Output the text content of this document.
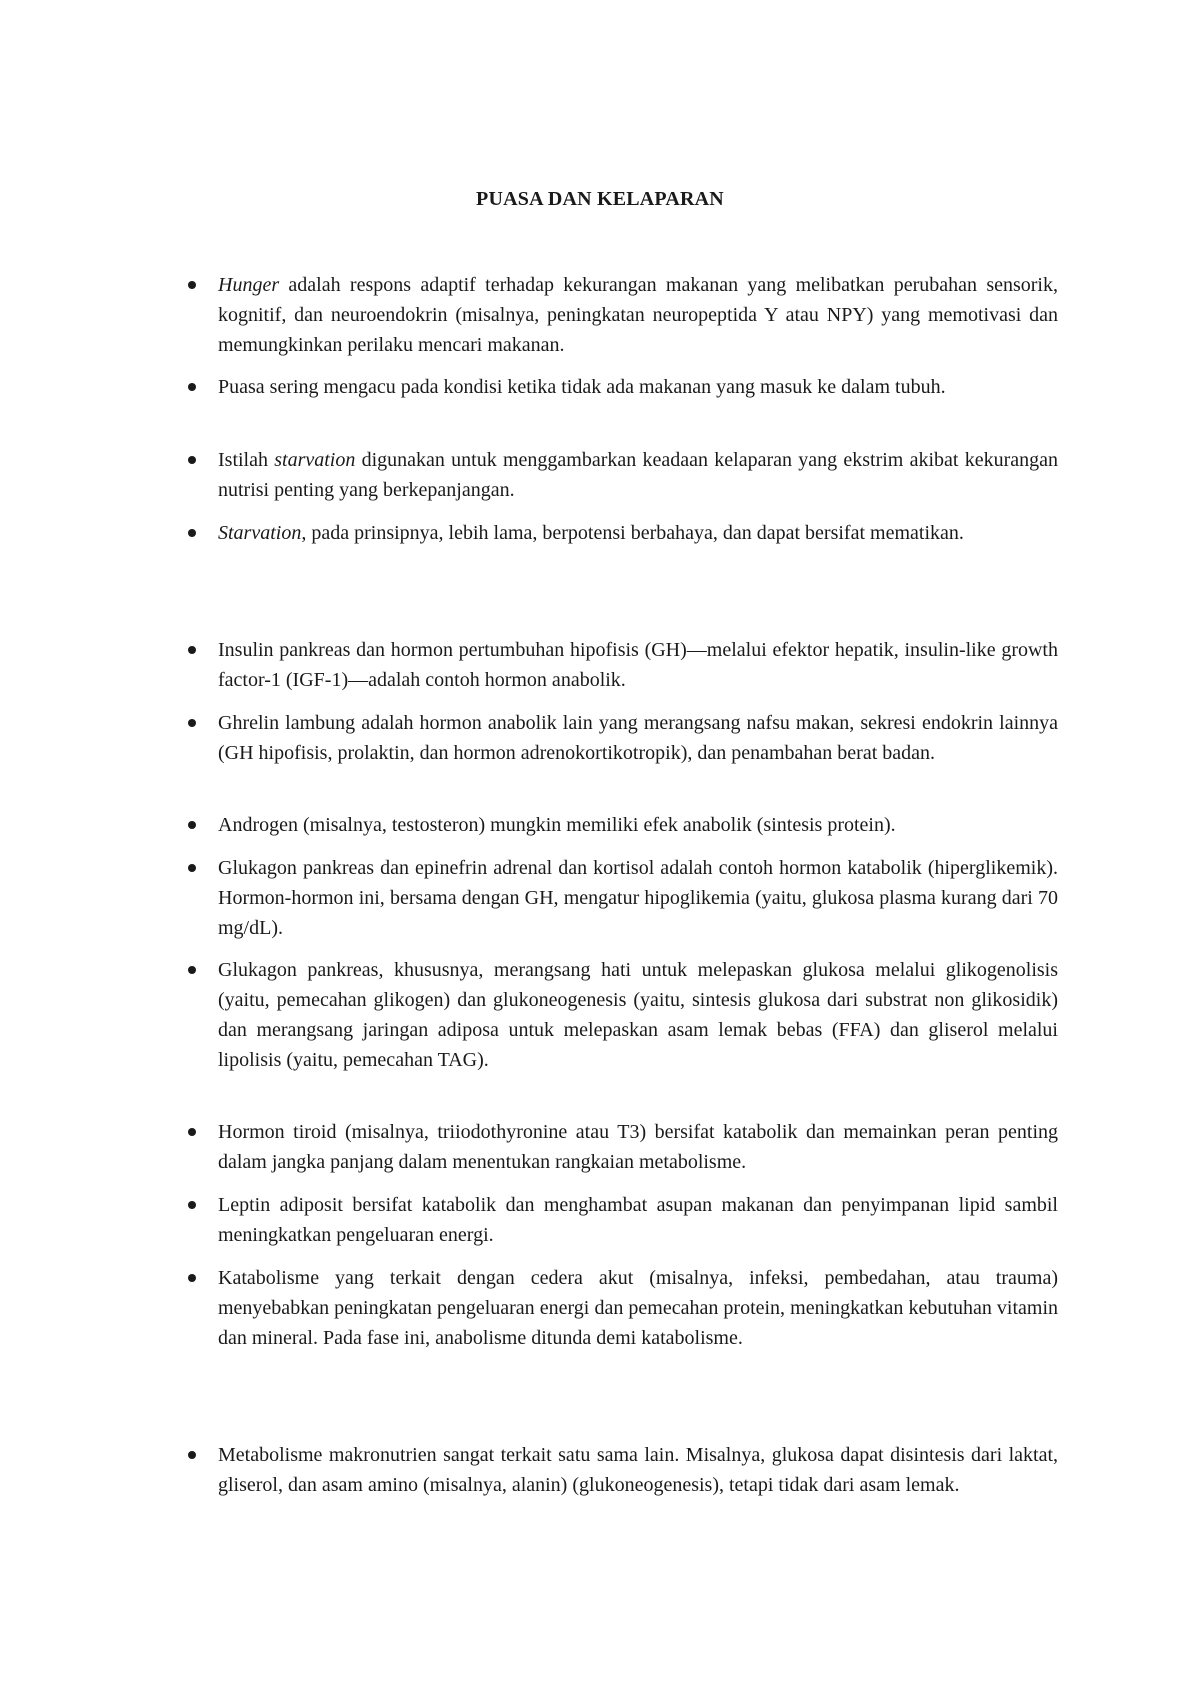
PUASA DAN KELAPARAN
Hunger adalah respons adaptif terhadap kekurangan makanan yang melibatkan perubahan sensorik, kognitif, dan neuroendokrin (misalnya, peningkatan neuropeptida Y atau NPY) yang memotivasi dan memungkinkan perilaku mencari makanan.
Puasa sering mengacu pada kondisi ketika tidak ada makanan yang masuk ke dalam tubuh.
Istilah starvation digunakan untuk menggambarkan keadaan kelaparan yang ekstrim akibat kekurangan nutrisi penting yang berkepanjangan.
Starvation, pada prinsipnya, lebih lama, berpotensi berbahaya, dan dapat bersifat mematikan.
Insulin pankreas dan hormon pertumbuhan hipofisis (GH)—melalui efektor hepatik, insulin-like growth factor-1 (IGF-1)—adalah contoh hormon anabolik.
Ghrelin lambung adalah hormon anabolik lain yang merangsang nafsu makan, sekresi endokrin lainnya (GH hipofisis, prolaktin, dan hormon adrenokortikotropik), dan penambahan berat badan.
Androgen (misalnya, testosteron) mungkin memiliki efek anabolik (sintesis protein).
Glukagon pankreas dan epinefrin adrenal dan kortisol adalah contoh hormon katabolik (hiperglikemik). Hormon-hormon ini, bersama dengan GH, mengatur hipoglikemia (yaitu, glukosa plasma kurang dari 70 mg/dL).
Glukagon pankreas, khususnya, merangsang hati untuk melepaskan glukosa melalui glikogenolisis (yaitu, pemecahan glikogen) dan glukoneogenesis (yaitu, sintesis glukosa dari substrat non glikosidik) dan merangsang jaringan adiposa untuk melepaskan asam lemak bebas (FFA) dan gliserol melalui lipolisis (yaitu, pemecahan TAG).
Hormon tiroid (misalnya, triiodothyronine atau T3) bersifat katabolik dan memainkan peran penting dalam jangka panjang dalam menentukan rangkaian metabolisme.
Leptin adiposit bersifat katabolik dan menghambat asupan makanan dan penyimpanan lipid sambil meningkatkan pengeluaran energi.
Katabolisme yang terkait dengan cedera akut (misalnya, infeksi, pembedahan, atau trauma) menyebabkan peningkatan pengeluaran energi dan pemecahan protein, meningkatkan kebutuhan vitamin dan mineral. Pada fase ini, anabolisme ditunda demi katabolisme.
Metabolisme makronutrien sangat terkait satu sama lain. Misalnya, glukosa dapat disintesis dari laktat, gliserol, dan asam amino (misalnya, alanin) (glukoneogenesis), tetapi tidak dari asam lemak.
